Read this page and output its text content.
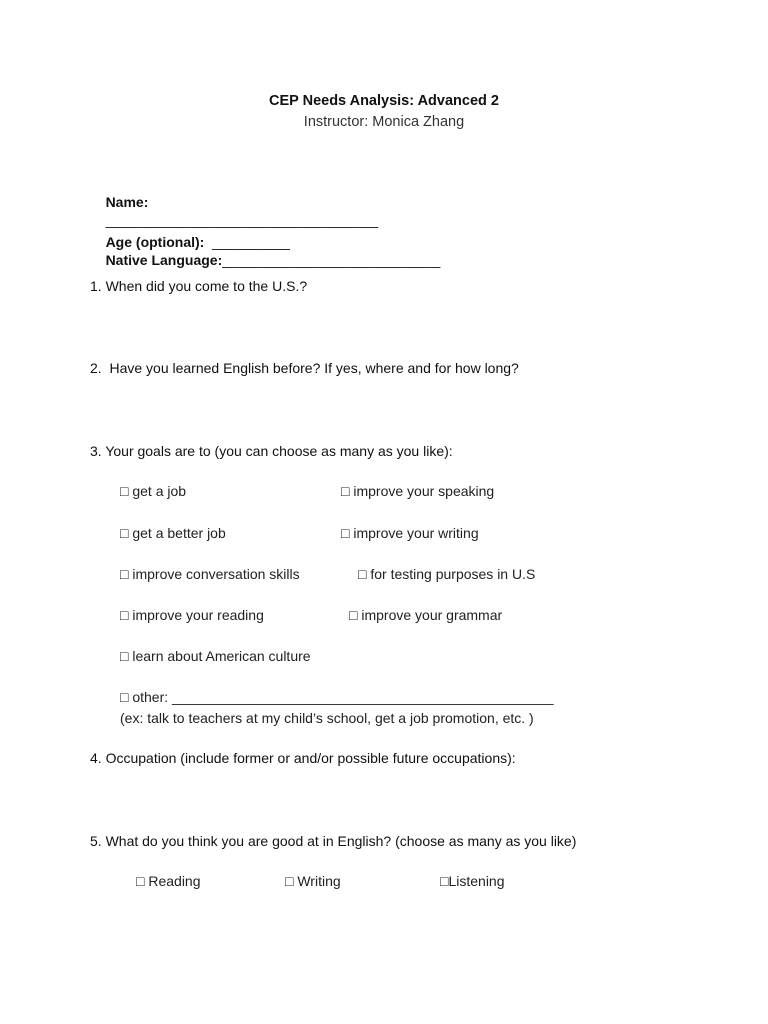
CEP Needs Analysis: Advanced 2
Instructor: Monica Zhang

Name:
___________________________________

Age (optional): __________
Native Language:____________________________

1. When did you come to the U.S.?
2.  Have you learned English before? If yes, where and for how long?
3. Your goals are to (you can choose as many as you like):
□ get a job	□ improve your speaking
□ get a better job	□ improve your writing
□ improve conversation skills	□ for testing purposes in U.S
□ improve your reading	□ improve your grammar
□ learn about American culture
□ other: _________________________________________________
(ex: talk to teachers at my child’s school, get a job promotion, etc. )
4. Occupation (include former or and/or possible future occupations):
5. What do you think you are good at in English? (choose as many as you like)
□ Reading	□ Writing	□Listening
